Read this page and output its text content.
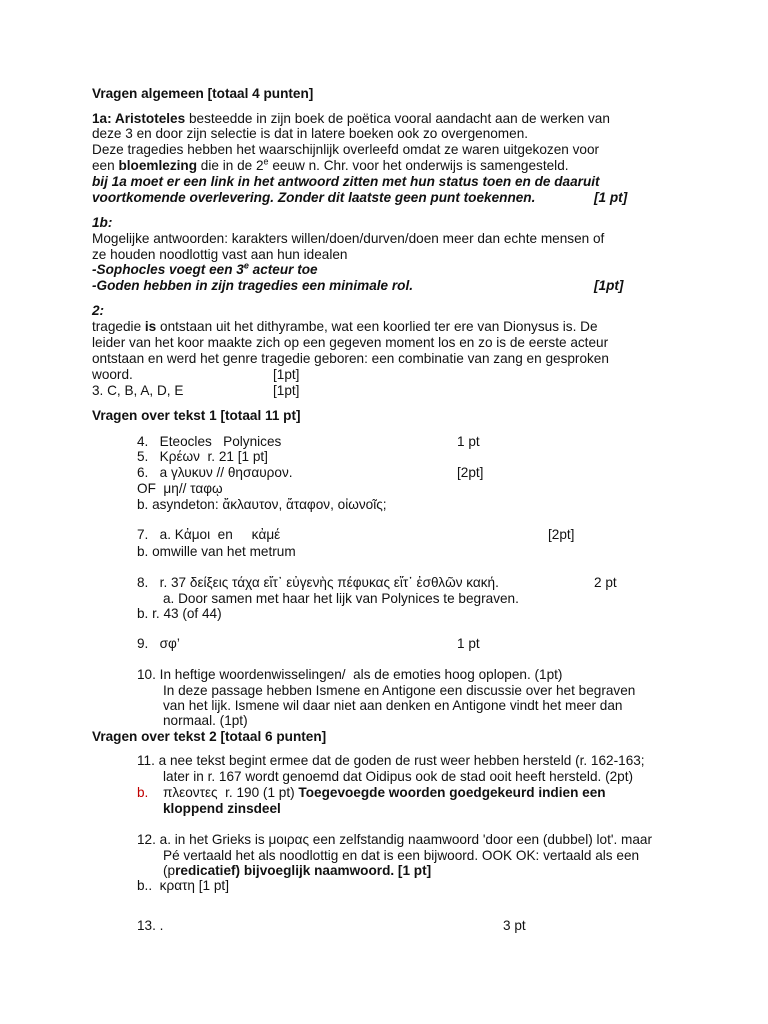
Vragen algemeen [totaal 4 punten]
1a: Aristoteles besteedde in zijn boek de poëtica vooral aandacht aan de werken van
deze 3 en door zijn selectie is dat in latere boeken ook zo overgenomen.
Deze tragedies hebben het waarschijnlijk overleefd omdat ze waren uitgekozen voor
een bloemlezing die in de 2e eeuw n. Chr. voor het onderwijs is samengesteld.
bij 1a moet er een link in het antwoord zitten met hun status toen en de daaruit
voortkomende overlevering. Zonder dit laatste geen punt toekennen.	[1 pt]
1b:
Mogelijke antwoorden: karakters willen/doen/durven/doen meer dan echte mensen of
ze houden noodlottig vast aan hun idealen
-Sophocles voegt een 3e acteur toe
-Goden hebben in zijn tragedies een minimale rol.	[1pt]
2:
tragedie is ontstaan uit het dithyrambe, wat een koorlied ter ere van Dionysus is. De
leider van het koor maakte zich op een gegeven moment los en zo is de eerste acteur
ontstaan en werd het genre tragedie geboren: een combinatie van zang en gesproken
woord.	[1pt]
3. C, B, A, D, E	[1pt]
Vragen over tekst 1 [totaal 11 pt]
4.   Eteocles   Polynices	1 pt
5.   Κρέων  r. 21 [1 pt]
6.   a γλυκυν // θησαυρον.	[2pt]
OF  μη// ταφῳ
b. asyndeton: ἄκλαυτον, ἄταφον, οἰωνοῖς;
7.   a. Κἀμοι  en     κἀμέ	[2pt]
b. omwille van het metrum
8.   r. 37 δείξεις τάχα εἴτ᾽ εὐγενὴς πέφυκας εἴτ᾽ ἐσθλῶν κακή.	2 pt
a. Door samen met haar het lijk van Polynices te begraven.
b. r. 43 (of 44)
9.   σφ’	1 pt
10. In heftige woordenwisselingen/  als de emoties hoog oplopen. (1pt)
In deze passage hebben Ismene en Antigone een discussie over het begraven
van het lijk. Ismene wil daar niet aan denken en Antigone vindt het meer dan
normaal. (1pt)
Vragen over tekst 2 [totaal 6 punten]
11. a nee tekst begint ermee dat de goden de rust weer hebben hersteld (r. 162-163;
later in r. 167 wordt genoemd dat Oidipus ook de stad ooit heeft hersteld. (2pt)
b. πλεοντες  r. 190 (1 pt) Toegevoegde woorden goedgekeurd indien een
kloppend zinsdeel
12. a. in het Grieks is μοιρας een zelfstandig naamwoord 'door een (dubbel) lot'. maar
Pé vertaald het als noodlottig en dat is een bijwoord. OOK OK: vertaald als een
(predicatief) bijvoeglijk naamwoord. [1 pt]
b..  κρατη [1 pt]
13. .	3 pt
